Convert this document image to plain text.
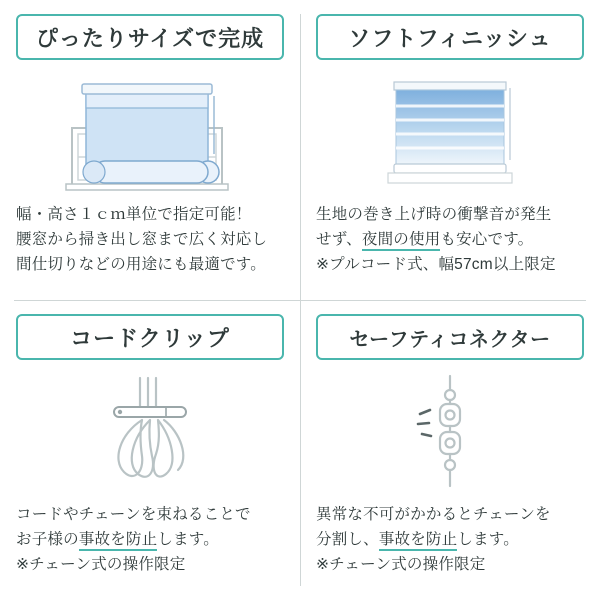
ぴったりサイズで完成
幅・高さ１ｃｍ単位で指定可能！
腰窓から掃き出し窓まで広く対応し
間仕切りなどの用途にも最適です。
ソフトフィニッシュ
生地の巻き上げ時の衝撃音が発生
せず、夜間の使用も安心です。

※プルコード式、幅57cm以上限定
コードクリップ
コードやチェーンを束ねることで
お子様の事故を防止します。

※チェーン式の操作限定
セーフティコネクター
異常な不可がかかるとチェーンを
分割し、事故を防止します。

※チェーン式の操作限定
